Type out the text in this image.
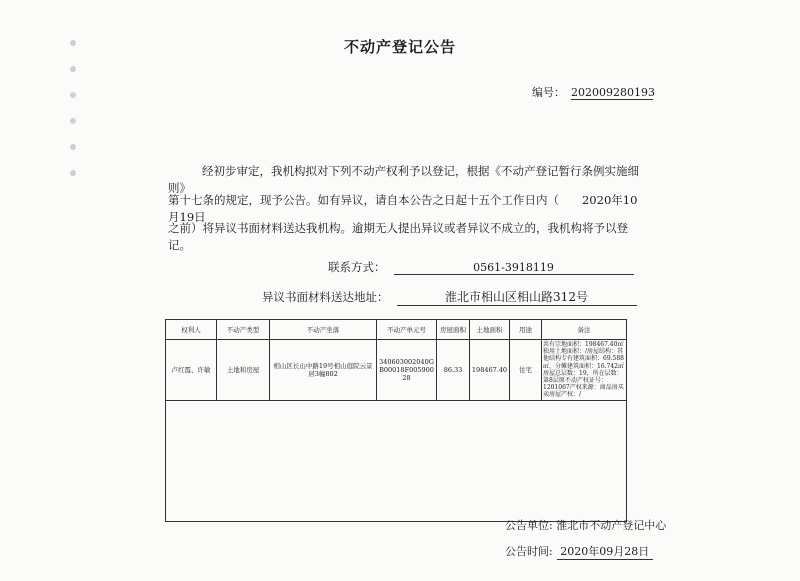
不动产登记公告
编号： 202009280193
经初步审定，我机构拟对下列不动产权利予以登记，根据《不动产登记暂行条例实施细则》
第十七条的规定，现予公告。如有异议，请自本公告之日起十五个工作日内（　　2020年10月19日
之前）将异议书面材料送达我机构。逾期无人提出异议或者异议不成立的，我机构将予以登记。
联系方式：	0561-3918119
异议书面材料送达地址：	淮北市相山区相山路312号
权利人	不动产类型	不动产坐落	不动产单元号	房屋面积	土地面积	用途	备注
卢红霞、许敏	土地和房屋	相山区长山中路19号相山庭院云景居3幢802	340603002040GB00018F00590028	86.33	198467.40	住宅	共有宗地面积：198467.40㎡独用土地面积：/房屋结构：其他结构专有建筑面积：69.588㎡，分摊建筑面积：16.742㎡房屋总层数：19，所在层数：第8层原不动产权证号：1201067产权来源：商品房买卖房屋产权：/

公告单位: 淮北市不动产登记中心
公告时间: 2020年09月28日
